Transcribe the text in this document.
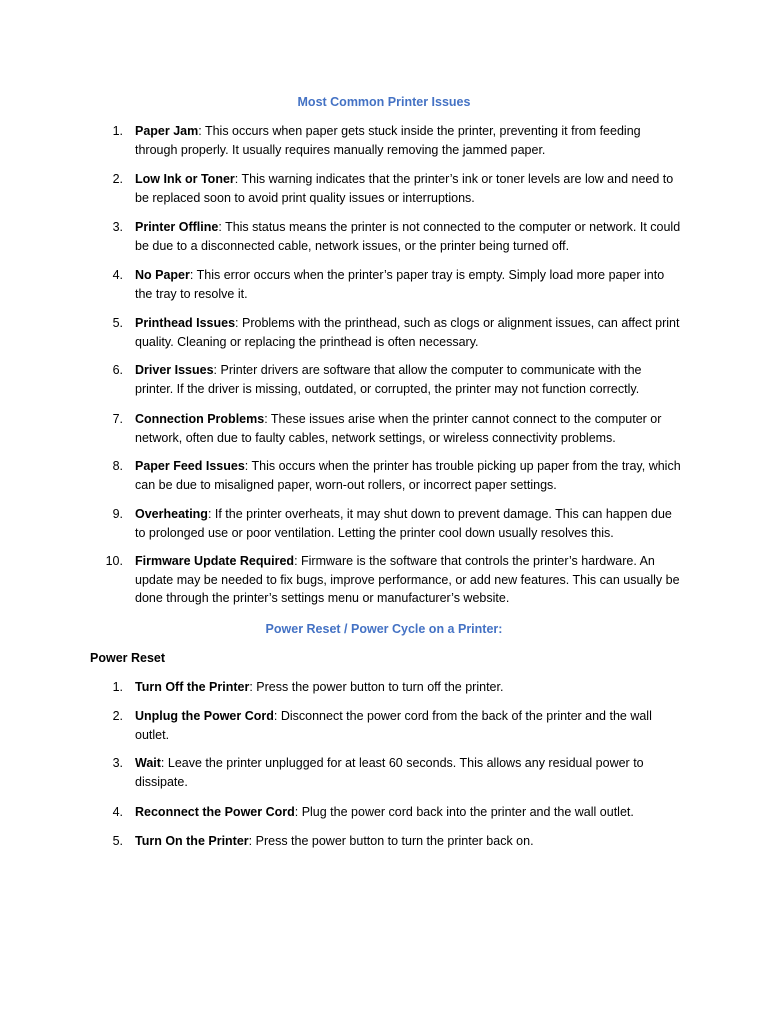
Most Common Printer Issues
1. Paper Jam: This occurs when paper gets stuck inside the printer, preventing it from feeding through properly. It usually requires manually removing the jammed paper.
2. Low Ink or Toner: This warning indicates that the printer’s ink or toner levels are low and need to be replaced soon to avoid print quality issues or interruptions.
3. Printer Offline: This status means the printer is not connected to the computer or network. It could be due to a disconnected cable, network issues, or the printer being turned off.
4. No Paper: This error occurs when the printer’s paper tray is empty. Simply load more paper into the tray to resolve it.
5. Printhead Issues: Problems with the printhead, such as clogs or alignment issues, can affect print quality. Cleaning or replacing the printhead is often necessary.
6. Driver Issues: Printer drivers are software that allow the computer to communicate with the printer. If the driver is missing, outdated, or corrupted, the printer may not function correctly.
7. Connection Problems: These issues arise when the printer cannot connect to the computer or network, often due to faulty cables, network settings, or wireless connectivity problems.
8. Paper Feed Issues: This occurs when the printer has trouble picking up paper from the tray, which can be due to misaligned paper, worn-out rollers, or incorrect paper settings.
9. Overheating: If the printer overheats, it may shut down to prevent damage. This can happen due to prolonged use or poor ventilation. Letting the printer cool down usually resolves this.
10. Firmware Update Required: Firmware is the software that controls the printer’s hardware. An update may be needed to fix bugs, improve performance, or add new features. This can usually be done through the printer’s settings menu or manufacturer’s website.
Power Reset / Power Cycle on a Printer:
Power Reset
1. Turn Off the Printer: Press the power button to turn off the printer.
2. Unplug the Power Cord: Disconnect the power cord from the back of the printer and the wall outlet.
3. Wait: Leave the printer unplugged for at least 60 seconds. This allows any residual power to dissipate.
4. Reconnect the Power Cord: Plug the power cord back into the printer and the wall outlet.
5. Turn On the Printer: Press the power button to turn the printer back on.
